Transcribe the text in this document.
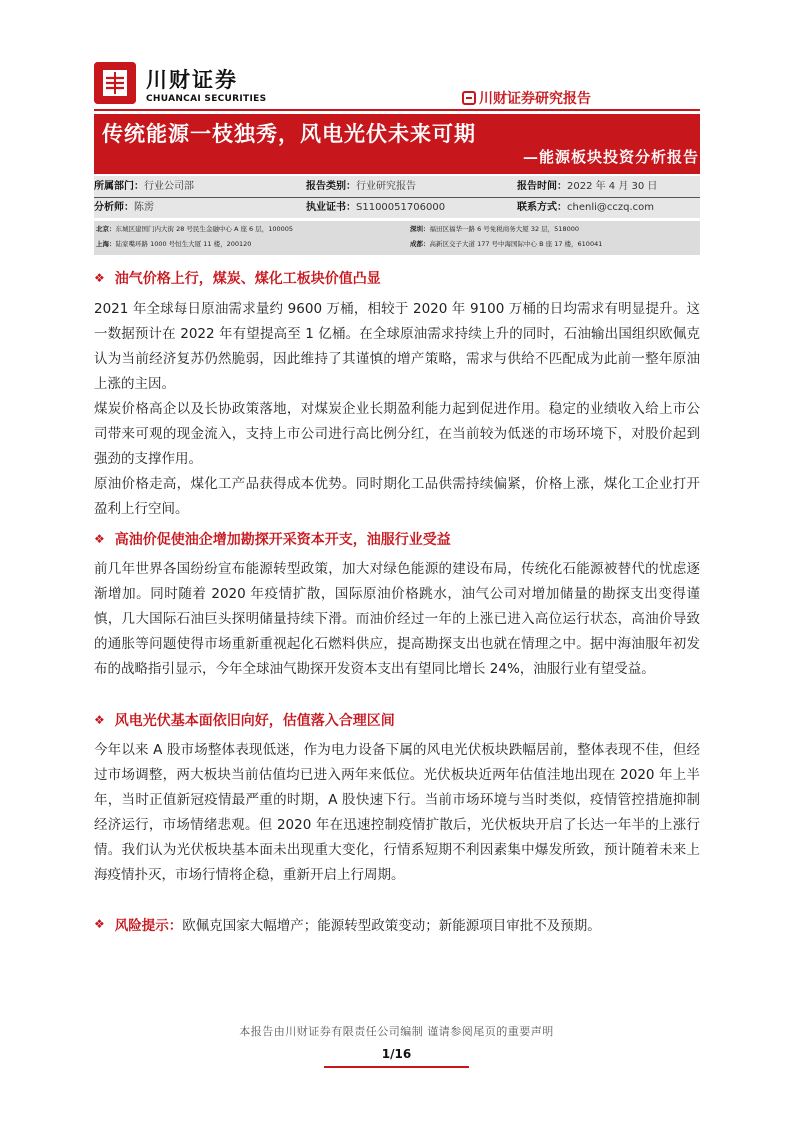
川财证券
CHUANCAI SECURITIES	川财证券研究报告
传统能源一枝独秀，风电光伏未来可期
—能源板块投资分析报告
所属部门：行业公司部	报告类别：行业研究报告	报告时间：2022 年 4 月 30 日
分析师：陈雳	执业证书：S1100051706000	联系方式：chenli@cczq.com
北京：东城区建国门内大街 28 号民生金融中心 A 座 6 层，100005	深圳：福田区福华一路 6 号免税商务大厦 32 层，518000
上海：陆家嘴环路 1000 号恒生大厦 11 楼，200120	成都：高新区交子大道 177 号中海国际中心 B 座 17 楼，610041
❖ 油气价格上行，煤炭、煤化工板块价值凸显

2021 年全球每日原油需求量约 9600 万桶，相较于 2020 年 9100 万桶的日均需求有明显提升。这一数据预计在 2022 年有望提高至 1 亿桶。在全球原油需求持续上升的同时，石油输出国组织欧佩克认为当前经济复苏仍然脆弱，因此维持了其谨慎的增产策略，需求与供给不匹配成为此前一整年原油上涨的主因。

煤炭价格高企以及长协政策落地，对煤炭企业长期盈利能力起到促进作用。稳定的业绩收入给上市公司带来可观的现金流入，支持上市公司进行高比例分红，在当前较为低迷的市场环境下，对股价起到强劲的支撑作用。

原油价格走高，煤化工产品获得成本优势。同时期化工品供需持续偏紧，价格上涨，煤化工企业打开盈利上行空间。

❖ 高油价促使油企增加勘探开采资本开支，油服行业受益

前几年世界各国纷纷宣布能源转型政策，加大对绿色能源的建设布局，传统化石能源被替代的忧虑逐渐增加。同时随着 2020 年疫情扩散，国际原油价格跳水，油气公司对增加储量的勘探支出变得谨慎，几大国际石油巨头探明储量持续下滑。而油价经过一年的上涨已进入高位运行状态，高油价导致的通胀等问题使得市场重新重视起化石燃料供应，提高勘探支出也就在情理之中。据中海油服年初发布的战略指引显示，今年全球油气勘探开发资本支出有望同比增长 24%，油服行业有望受益。

❖ 风电光伏基本面依旧向好，估值落入合理区间

今年以来 A 股市场整体表现低迷，作为电力设备下属的风电光伏板块跌幅居前，整体表现不佳，但经过市场调整，两大板块当前估值均已进入两年来低位。光伏板块近两年估值洼地出现在 2020 年上半年，当时正值新冠疫情最严重的时期，A 股快速下行。当前市场环境与当时类似，疫情管控措施抑制经济运行，市场情绪悲观。但 2020 年在迅速控制疫情扩散后，光伏板块开启了长达一年半的上涨行情。我们认为光伏板块基本面未出现重大变化，行情系短期不利因素集中爆发所致，预计随着未来上海疫情扑灭，市场行情将企稳，重新开启上行周期。

❖ 风险提示： 欧佩克国家大幅增产；能源转型政策变动；新能源项目审批不及预期。
本报告由川财证券有限责任公司编制 谨请参阅尾页的重要声明
1/16
